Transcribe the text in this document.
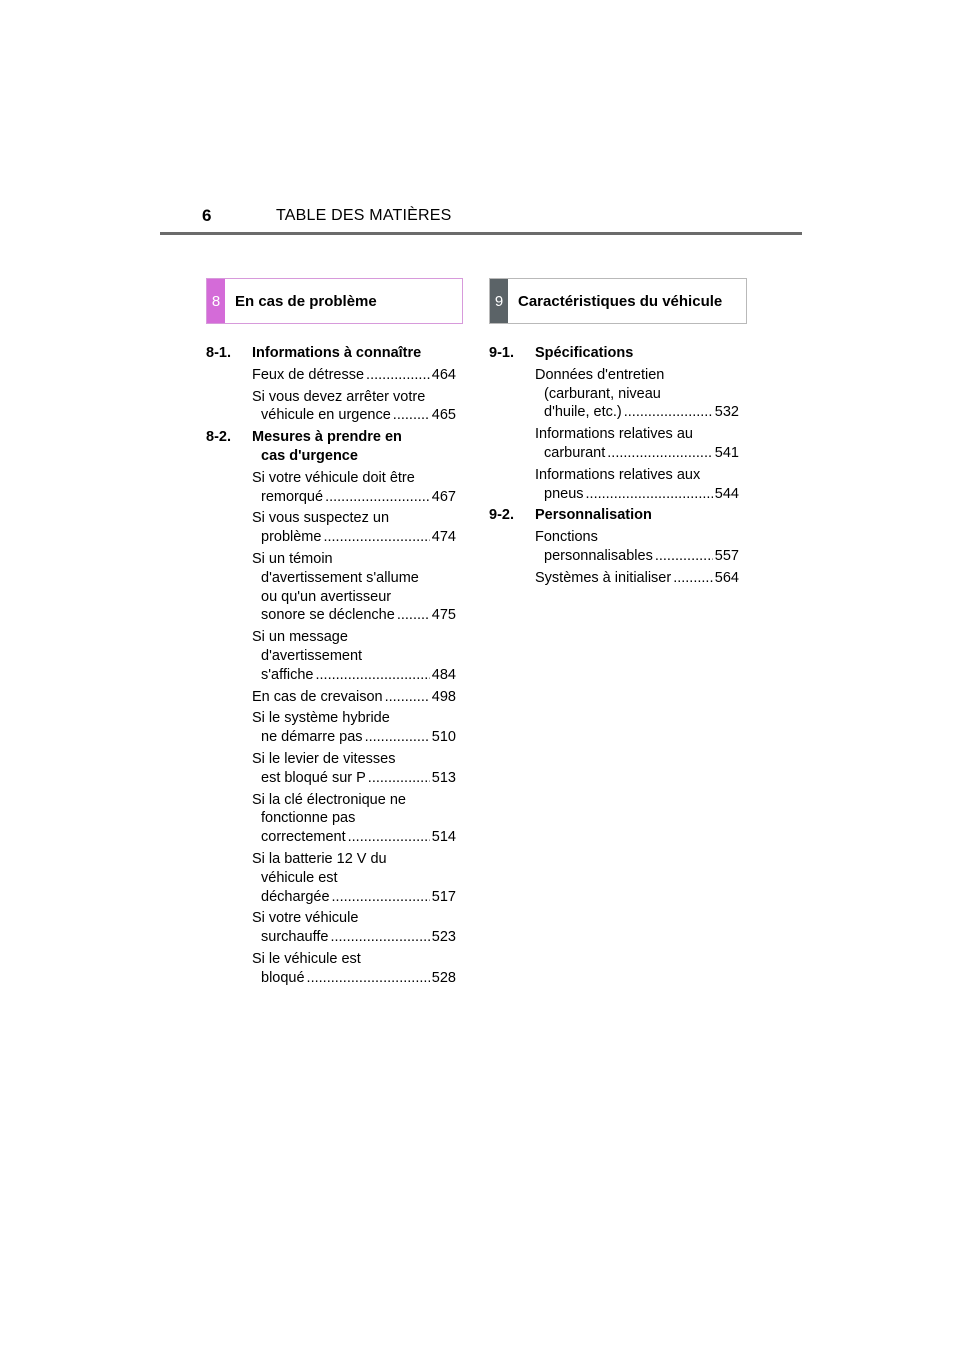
6	TABLE DES MATIÈRES
8 En cas de problème	9 Caractéristiques du véhicule
8-1. Informations à connaître
Feux de détresse .....	464
Si vous devez arrêter votre
véhicule en urgence .....	465
8-2. Mesures à prendre en
cas d'urgence
Si votre véhicule doit être
remorqué .....	467
Si vous suspectez un
problème .....	474
Si un témoin
d'avertissement s'allume
ou qu'un avertisseur
sonore se déclenche .....	475
Si un message
d'avertissement
s'affiche .....	484
En cas de crevaison .....	498
Si le système hybride
ne démarre pas .....	510
Si le levier de vitesses
est bloqué sur P .....	513
Si la clé électronique ne
fonctionne pas
correctement .....	514
Si la batterie 12 V du
véhicule est
déchargée .....	517
Si votre véhicule
surchauffe .....	523
Si le véhicule est
bloqué .....	528
9-1. Spécifications
Données d'entretien
(carburant, niveau
d'huile, etc.) .....	532
Informations relatives au
carburant .....	541
Informations relatives aux
pneus .....	544
9-2. Personnalisation
Fonctions
personnalisables .....	557
Systèmes à initialiser .....	564
